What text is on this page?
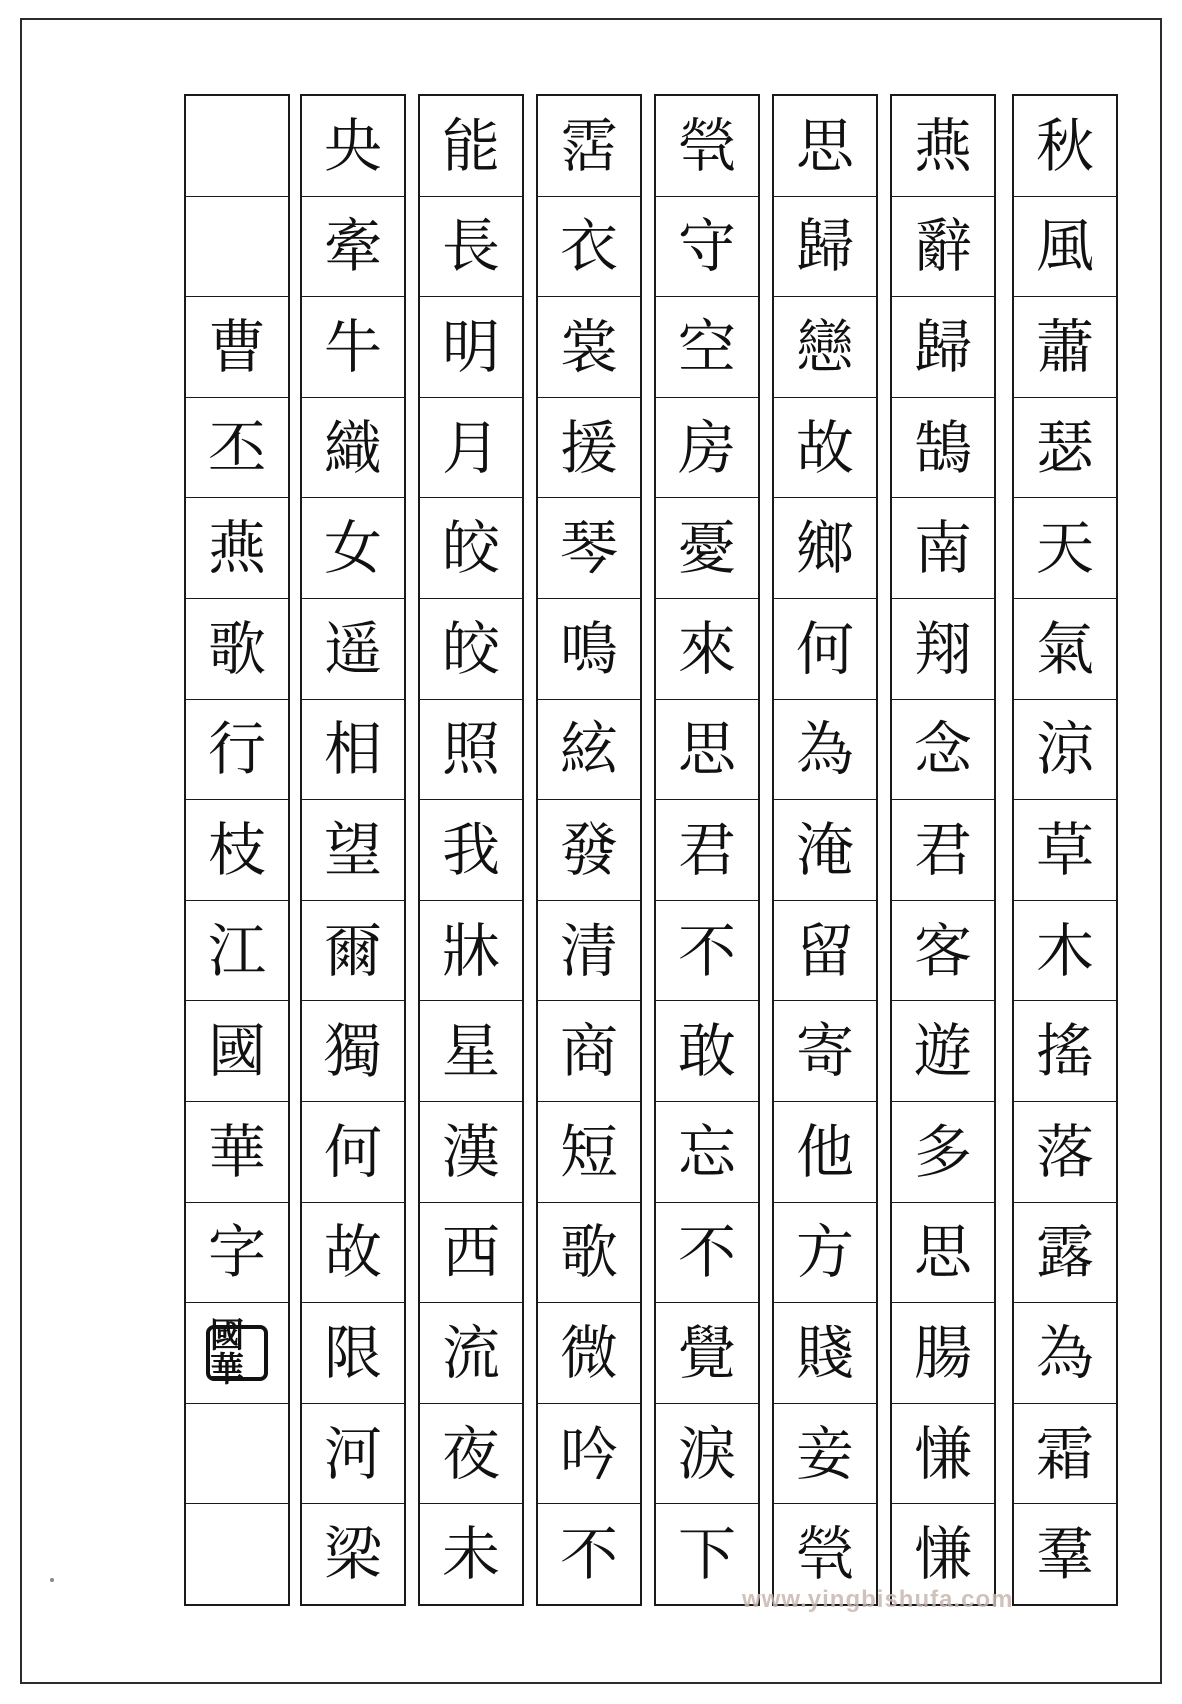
秋
風
蕭
瑟
天
氣
涼
草
木
搖
落
露
為
霜
羣
燕
辭
歸
鵠
南
翔
念
君
客
遊
多
思
腸
慊
慊
思
歸
戀
故
鄉
何
為
淹
留
寄
他
方
賤
妾
煢
煢
守
空
房
憂
來
思
君
不
敢
忘
不
覺
淚
下
霑
衣
裳
援
琴
鳴
絃
發
清
商
短
歌
微
吟
不
能
長
明
月
皎
皎
照
我
牀
星
漢
西
流
夜
未
央
牽
牛
織
女
遥
相
望
爾
獨
何
故
限
河
梁
曹
丕
燕
歌
行
枝
江
國
華
字
國華
www.yingbishufa.com
